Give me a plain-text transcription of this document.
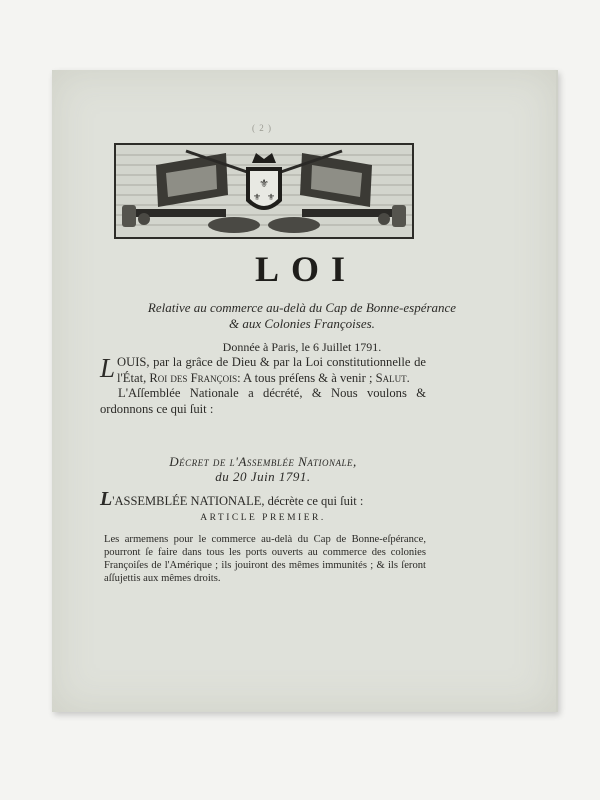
( 2 )
⚜
⚜ ⚜
LOI
Relative au commerce au-delà du Cap de Bonne-espérance
& aux Colonies Françoises.
Donnée à Paris, le 6 Juillet 1791.

LOUIS, par la grâce de Dieu & par la Loi constitutionnelle de l'État, Roi des François: A tous préſens & à venir ; Salut.

L'Aſſemblée Nationale a décrété, & Nous voulons & ordonnons ce qui ſuit :

Décret de l'Assemblée Nationale,
du 20 Juin 1791.
L'ASSEMBLÉE NATIONALE, décrète ce qui ſuit :
ARTICLE PREMIER.
Les armemens pour le commerce au-delà du Cap de Bonne-eſpérance, pourront ſe faire dans tous les ports ouverts au commerce des colonies Françoiſes de l'Amérique ; ils jouiront des mêmes immunités ; & ils ſeront aſſujettis aux mêmes droits.
